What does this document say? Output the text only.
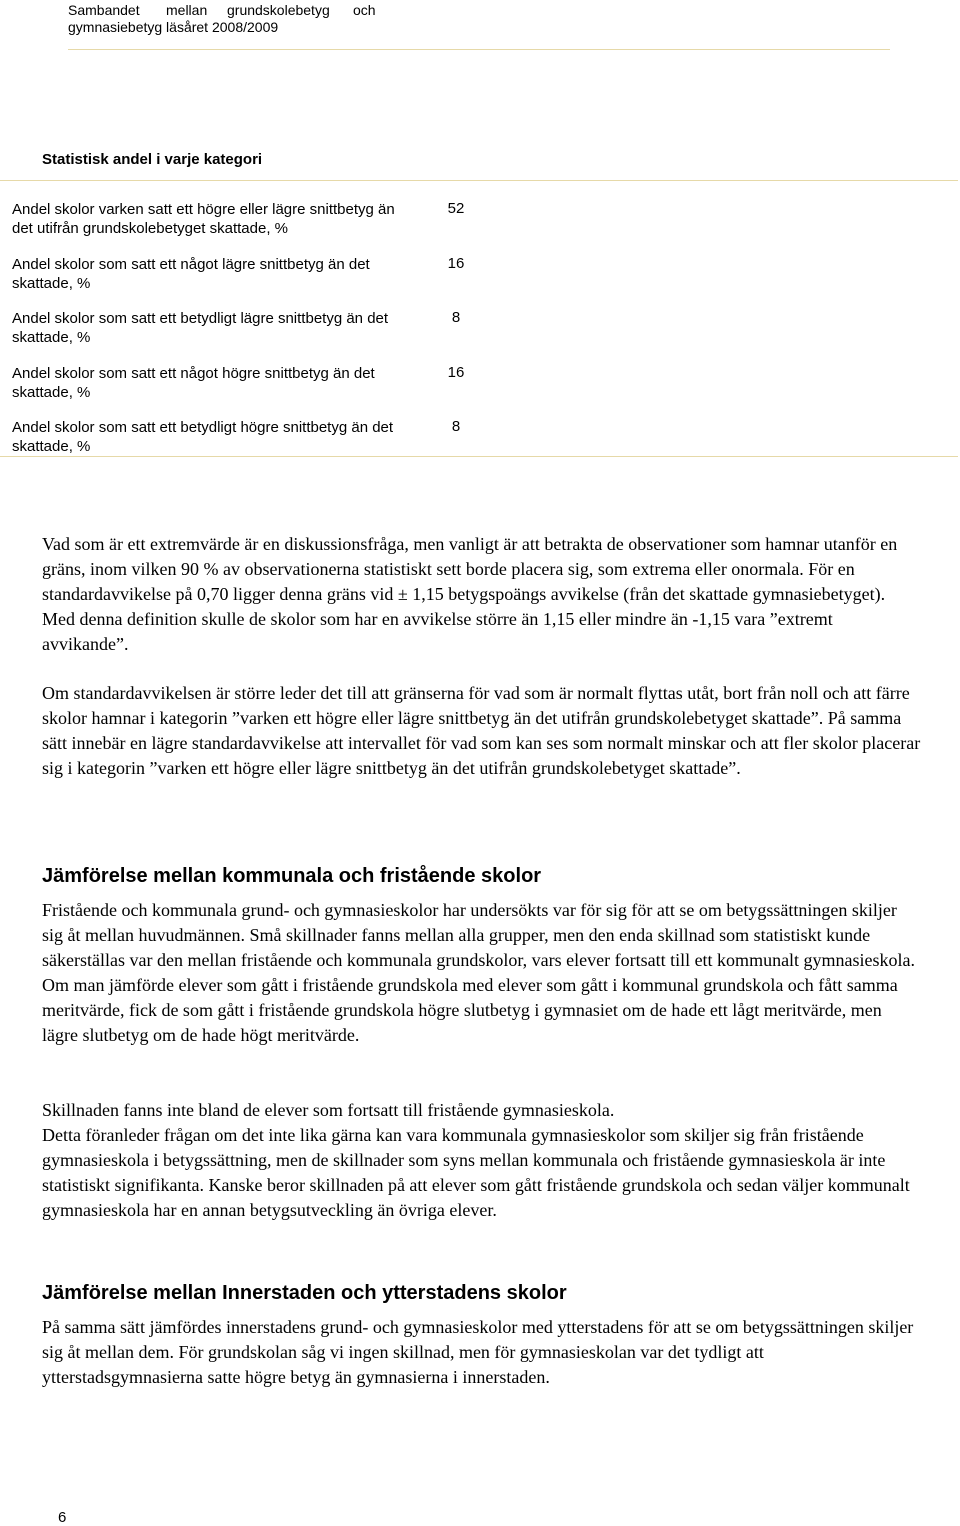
Sambandet mellan grundskolebetyg och
gymnasiebetyg läsåret 2008/2009
Statistisk andel i varje kategori
Andel skolor varken satt ett högre eller lägre snittbetyg än det utifrån grundskolebetyget skattade, %
52
Andel skolor som satt ett något lägre snittbetyg än det skattade, %
16
Andel skolor som satt ett betydligt lägre snittbetyg än det skattade, %
8
Andel skolor som satt ett något högre snittbetyg än det skattade, %
16
Andel skolor som satt ett betydligt högre snittbetyg än det skattade, %
8

Vad som är ett extremvärde är en diskussionsfråga, men vanligt är att betrakta de observationer som hamnar utanför en gräns, inom vilken 90 % av observationerna statistiskt sett borde placera sig, som extrema eller onormala. För en standardavvikelse på 0,70 ligger denna gräns vid ± 1,15 betygspoängs avvikelse (från det skattade gymnasiebetyget). Med denna definition skulle de skolor som har en avvikelse större än 1,15 eller mindre än -1,15 vara ”extremt avvikande”.

Om standardavvikelsen är större leder det till att gränserna för vad som är normalt flyttas utåt, bort från noll och att färre skolor hamnar i kategorin ”varken ett högre eller lägre snittbetyg än det utifrån grundskolebetyget skattade”. På samma sätt innebär en lägre standardavvikelse att intervallet för vad som kan ses som normalt minskar och att fler skolor placerar sig i kategorin ”varken ett högre eller lägre snittbetyg än det utifrån grundskolebetyget skattade”.

Jämförelse mellan kommunala och fristående skolor

Fristående och kommunala grund- och gymnasieskolor har undersökts var för sig för att se om betygssättningen skiljer sig åt mellan huvudmännen. Små skillnader fanns mellan alla grupper, men den enda skillnad som statistiskt kunde säkerställas var den mellan fristående och kommunala grundskolor, vars elever fortsatt till ett kommunalt gymnasieskola. Om man jämförde elever som gått i fristående grundskola med elever som gått i kommunal grundskola och fått samma meritvärde, fick de som gått i fristående grundskola högre slutbetyg i gymnasiet om de hade ett lågt meritvärde, men lägre slutbetyg om de hade högt meritvärde.

Skillnaden fanns inte bland de elever som fortsatt till fristående gymnasieskola.

Detta föranleder frågan om det inte lika gärna kan vara kommunala gymnasieskolor som skiljer sig från fristående gymnasieskola i betygssättning, men de skillnader som syns mellan kommunala och fristående gymnasieskola är inte statistiskt signifikanta. Kanske beror skillnaden på att elever som gått fristående grundskola och sedan väljer kommunalt gymnasieskola har en annan betygsutveckling än övriga elever.

Jämförelse mellan Innerstaden och ytterstadens skolor

På samma sätt jämfördes innerstadens grund- och gymnasieskolor med ytterstadens för att se om betygssättningen skiljer sig åt mellan dem. För grundskolan såg vi ingen skillnad, men för gymnasieskolan var det tydligt att ytterstadsgymnasierna satte högre betyg än gymnasierna i innerstaden.

6
